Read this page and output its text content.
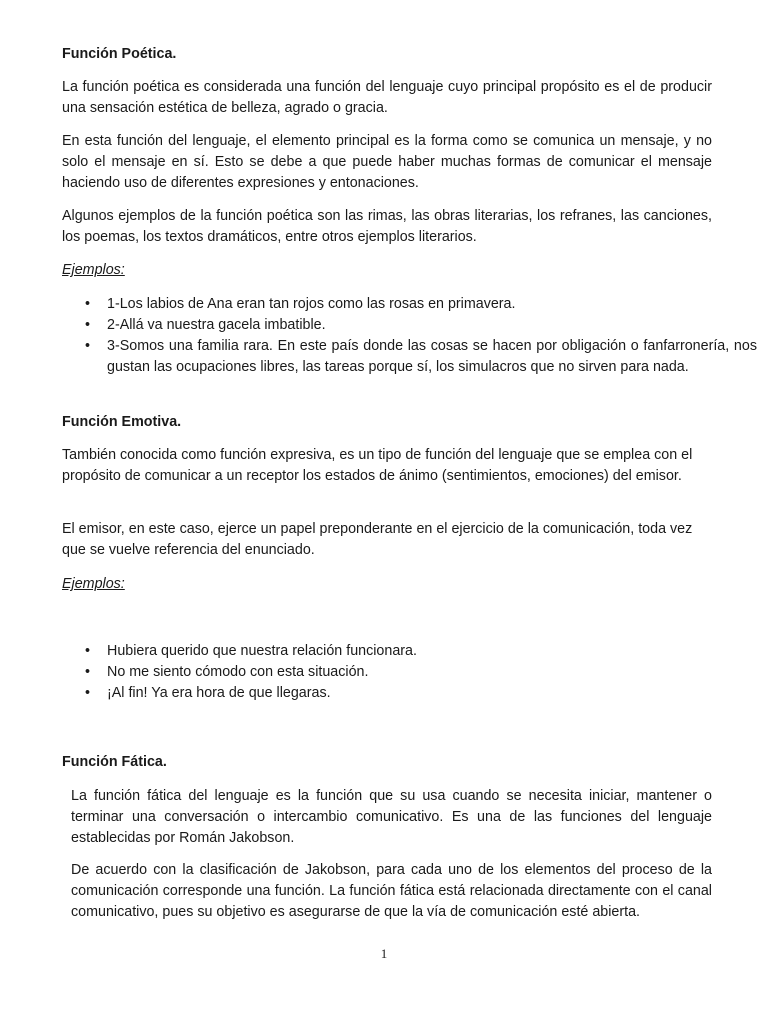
Función Poética.

La función poética es considerada una función del lenguaje cuyo principal propósito es el de producir una sensación estética de belleza, agrado o gracia.

En esta función del lenguaje, el elemento principal es la forma como se comunica un mensaje, y no solo el mensaje en sí. Esto se debe a que puede haber muchas formas de comunicar el mensaje haciendo uso de diferentes expresiones y entonaciones.

Algunos ejemplos de la función poética son las rimas, las obras literarias, los refranes, las canciones, los poemas, los textos dramáticos, entre otros ejemplos literarios.

Ejemplos:

• 1-Los labios de Ana eran tan rojos como las rosas en primavera.
• 2-Allá va nuestra gacela imbatible.
• 3-Somos una familia rara. En este país donde las cosas se hacen por obligación o fanfarronería, nos gustan las ocupaciones libres, las tareas porque sí, los simulacros que no sirven para nada.
Función Emotiva.

También conocida como función expresiva, es un tipo de función del lenguaje que se emplea con el propósito de comunicar a un receptor los estados de ánimo (sentimientos, emociones) del emisor.

El emisor, en este caso, ejerce un papel preponderante en el ejercicio de la comunicación, toda vez que se vuelve referencia del enunciado.

Ejemplos:

• Hubiera querido que nuestra relación funcionara.
• No me siento cómodo con esta situación.
• ¡Al fin! Ya era hora de que llegaras.
Función Fática.

La función fática del lenguaje es la función que su usa cuando se necesita iniciar, mantener o terminar una conversación o intercambio comunicativo. Es una de las funciones del lenguaje establecidas por Román Jakobson.

De acuerdo con la clasificación de Jakobson, para cada uno de los elementos del proceso de la comunicación corresponde una función. La función fática está relacionada directamente con el canal comunicativo, pues su objetivo es asegurarse de que la vía de comunicación esté abierta.

1
